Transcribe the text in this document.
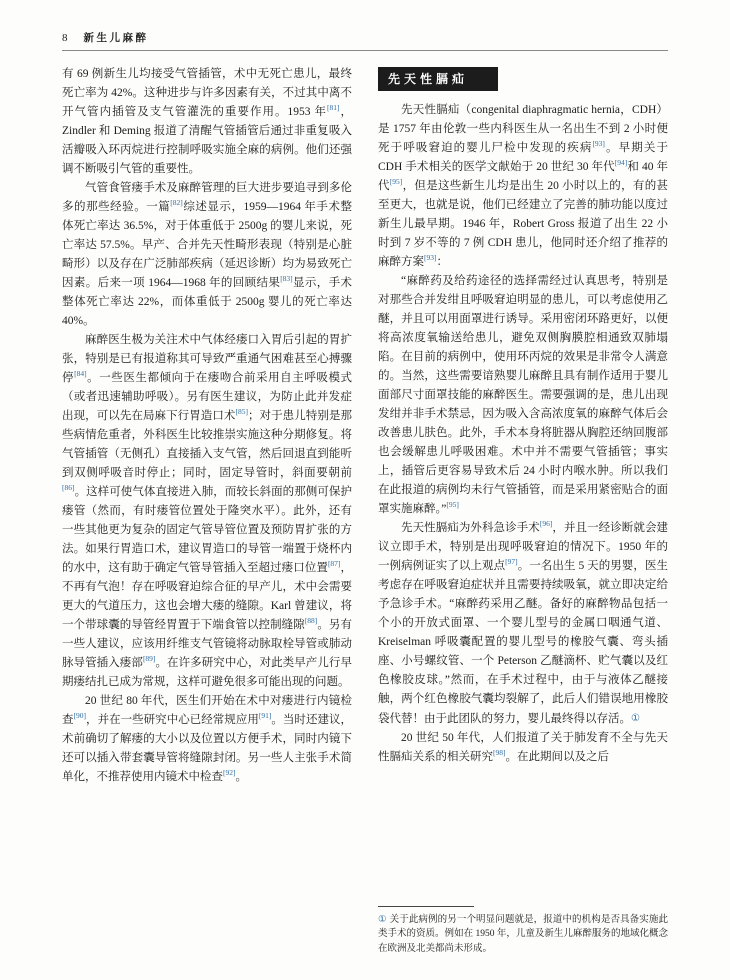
8 新生儿麻醉

有 69 例新生儿均接受气管插管，术中无死亡患儿，最终死亡率为 42%。这种进步与许多因素有关，不过其中离不开气管内插管及支气管灌洗的重要作用。1953 年[81]，Zindler 和 Deming 报道了清醒气管插管后通过非重复吸入活瓣吸入环丙烷进行控制呼吸实施全麻的病例。他们还强调不断吸引气管的重要性。

气管食管瘘手术及麻醉管理的巨大进步要追寻到多伦多的那些经验。一篇[82]综述显示，1959—1964 年手术整体死亡率达 36.5%，对于体重低于 2500g 的婴儿来说，死亡率达 57.5%。早产、合并先天性畸形表现（特别是心脏畸形）以及存在广泛肺部疾病（延迟诊断）均为易致死亡因素。后来一项 1964—1968 年的回顾结果[83]显示，手术整体死亡率达 22%，而体重低于 2500g 婴儿的死亡率达 40%。

麻醉医生极为关注术中气体经瘘口入胃后引起的胃扩张，特别是已有报道称其可导致严重通气困难甚至心搏骤停[84]。一些医生都倾向于在瘘吻合前采用自主呼吸模式（或者迅速辅助呼吸）。另有医生建议，为防止此并发症出现，可以先在局麻下行胃造口术[85]；对于患儿特别是那些病情危重者，外科医生比较推崇实施这种分期修复。将气管插管（无侧孔）直接插入支气管，然后回退直到能听到双侧呼吸音时停止；同时，固定导管时，斜面要朝前[86]。这样可使气体直接进入肺，而较长斜面的那侧可保护瘘管（然而，有时瘘管位置处于隆突水平）。此外，还有一些其他更为复杂的固定气管导管位置及预防胃扩张的方法。如果行胃造口术，建议胃造口的导管一端置于烧杯内的水中，这有助于确定气管导管插入至超过瘘口位置[87]，不再有气泡！存在呼吸窘迫综合征的早产儿，术中会需要更大的气道压力，这也会增大瘘的缝隙。Karl 曾建议，将一个带球囊的导管经胃置于下端食管以控制缝隙[88]。另有一些人建议，应该用纤维支气管镜将动脉取栓导管或肺动脉导管插入瘘部[89]。在许多研究中心，对此类早产儿行早期瘘结扎已成为常规，这样可避免很多可能出现的问题。

20 世纪 80 年代，医生们开始在术中对瘘进行内镜检查[90]，并在一些研究中心已经常规应用[91]。当时还建议，术前确切了解瘘的大小以及位置以方便手术，同时内镜下还可以插入带套囊导管将缝隙封闭。另一些人主张手术简单化，不推荐使用内镜术中检查[92]。

先天性膈疝

先天性膈疝（congenital diaphragmatic hernia，CDH）是 1757 年由伦敦一些内科医生从一名出生不到 2 小时便死于呼吸窘迫的婴儿尸检中发现的疾病[93]。早期关于 CDH 手术相关的医学文献始于 20 世纪 30 年代[94]和 40 年代[95]，但是这些新生儿均是出生 20 小时以上的，有的甚至更大，也就是说，他们已经建立了完善的肺功能以度过新生儿最早期。1946 年，Robert Gross 报道了出生 22 小时到 7 岁不等的 7 例 CDH 患儿，他同时还介绍了推荐的麻醉方案[93]：

“麻醉药及给药途径的选择需经过认真思考，特别是对那些合并发绀且呼吸窘迫明显的患儿，可以考虑使用乙醚，并且可以用面罩进行诱导。采用密闭环路更好，以便将高浓度氧输送给患儿，避免双侧胸膜腔相通致双肺塌陷。在目前的病例中，使用环丙烷的效果是非常令人满意的。当然，这些需要谙熟婴儿麻醉且具有制作适用于婴儿面部尺寸面罩技能的麻醉医生。需要强调的是，患儿出现发绀并非手术禁忌，因为吸入含高浓度氧的麻醉气体后会改善患儿肤色。此外，手术本身将脏器从胸腔还纳回腹部也会缓解患儿呼吸困难。术中并不需要气管插管；事实上，插管后更容易导致术后 24 小时内喉水肿。所以我们在此报道的病例均未行气管插管，而是采用紧密贴合的面罩实施麻醉。”[95]

先天性膈疝为外科急诊手术[96]，并且一经诊断就会建议立即手术，特别是出现呼吸窘迫的情况下。1950 年的一例病例证实了以上观点[97]。一名出生 5 天的男婴，医生考虑存在呼吸窘迫症状并且需要持续吸氧，就立即决定给予急诊手术。“麻醉药采用乙醚。备好的麻醉物品包括一个小的开放式面罩、一个婴儿型号的金属口咽通气道、Kreiselman 呼吸囊配置的婴儿型号的橡胶气囊、弯头插座、小号螺纹管、一个 Peterson 乙醚滴杯、贮气囊以及红色橡胶皮球。”然而，在手术过程中，由于与液体乙醚接触，两个红色橡胶气囊均裂解了，此后人们错误地用橡胶袋代替！由于此团队的努力，婴儿最终得以存活。①

20 世纪 50 年代，人们报道了关于肺发育不全与先天性膈疝关系的相关研究[98]。在此期间以及之后

① 关于此病例的另一个明显问题就是，报道中的机构是否具备实施此类手术的资质。例如在 1950 年，儿童及新生儿麻醉服务的地域化概念在欧洲及北美都尚未形成。
